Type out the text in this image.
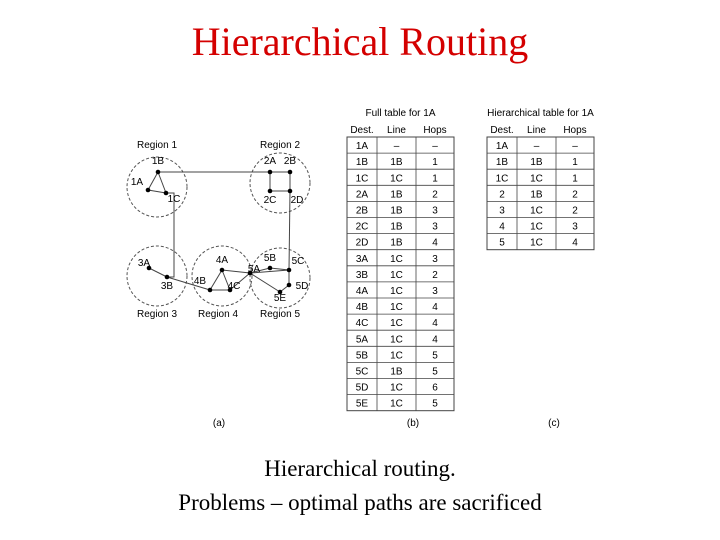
Hierarchical Routing
Region 1	Region 2
Region 3 Region 4 Region 5
1A
1B
1C
2A 2B
2C 2D
3A
3B
4A
4B 4C
5A
5B 5C
5D
5E
(a)	(b)	(c)
Full table for 1A
Dest. Line Hops
1A	–	–
1B 1B	1
1C 1C	1
2A 1B	2
2B 1B	3
2C 1B	3
2D 1B	4
3A 1C	3
3B 1C	2
4A 1C	3
4B 1C	4
4C 1C	4
5A 1C	4
5B 1C	5
5C 1B	5
5D 1C	6
5E 1C	5
Hierarchical table for 1A
Dest. Line Hops
1A	–	–
1B 1B	1
1C 1C	1
2	1B	2
3	1C	2
4	1C	3
5	1C	4
Hierarchical routing.
Problems – optimal paths are sacrificed
